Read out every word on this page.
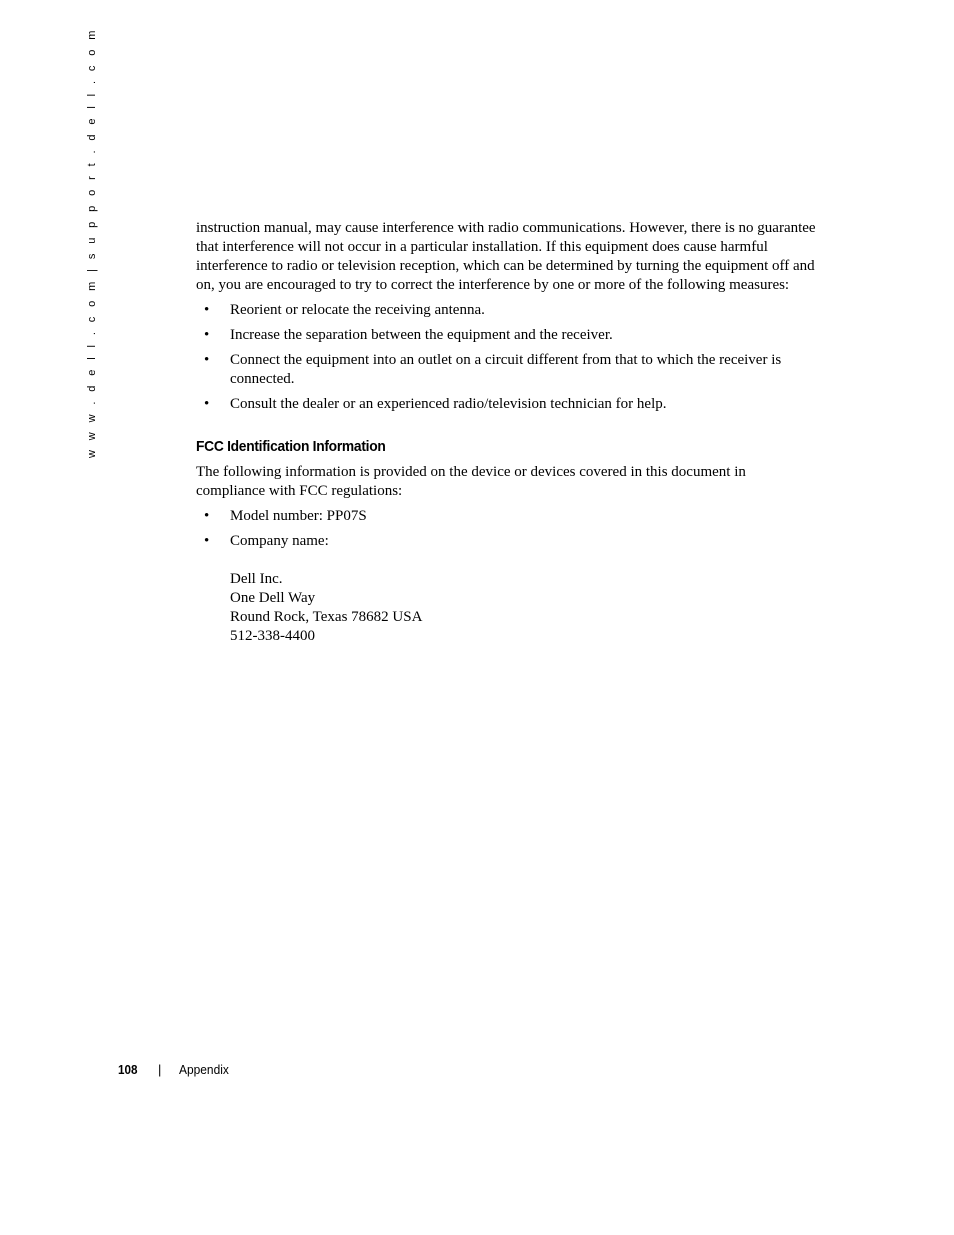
w w w . d e l l . c o m | s u p p o r t . d e l l . c o m	instruction manual, may cause interference with radio communications. However, there is no guarantee that interference will not occur in a particular installation. If this equipment does cause harmful interference to radio or television reception, which can be determined by turning the equipment off and on, you are encouraged to try to correct the interference by one or more of the following measures:

• Reorient or relocate the receiving antenna.
• Increase the separation between the equipment and the receiver.
• Connect the equipment into an outlet on a circuit different from that to which the receiver is connected.
• Consult the dealer or an experienced radio/television technician for help.
FCC Identification Information

The following information is provided on the device or devices covered in this document in compliance with FCC regulations:

• Model number: PP07S
• Company name:
Dell Inc.
One Dell Way
Round Rock, Texas 78682 USA
512-338-4400
108 | Appendix
